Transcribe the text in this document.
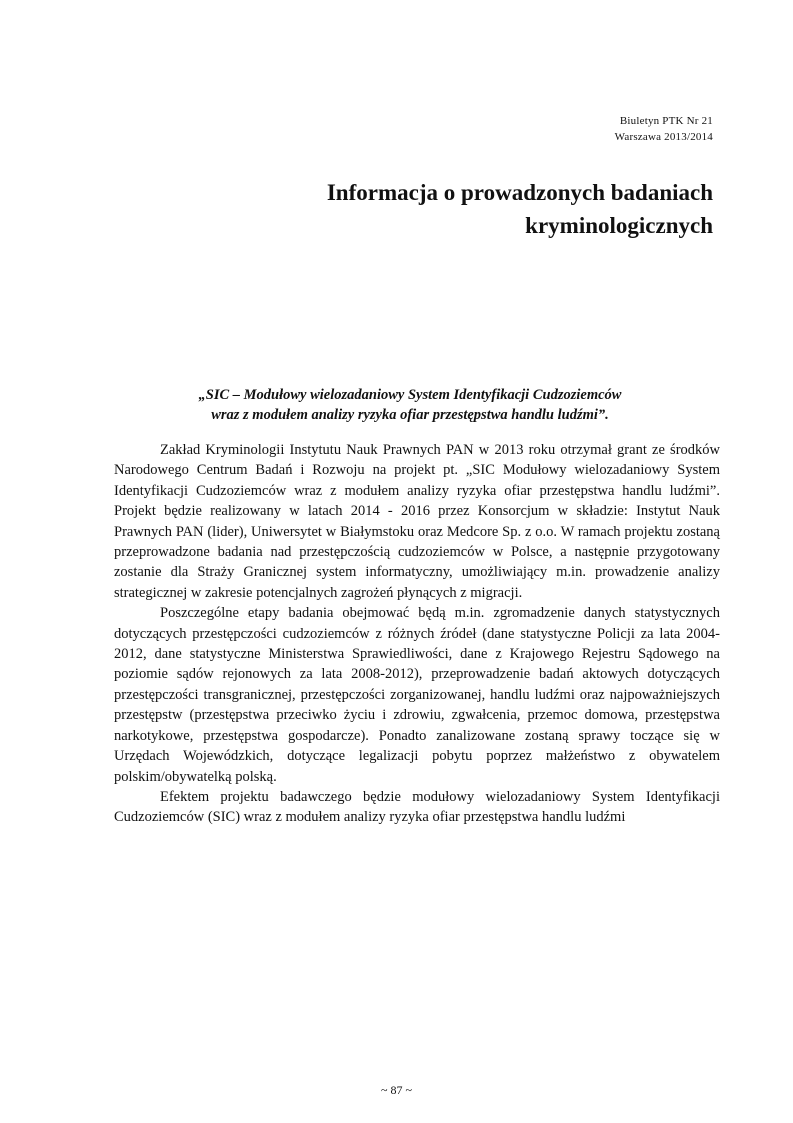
Biuletyn PTK Nr 21
Warszawa 2013/2014
Informacja o prowadzonych badaniach
kryminologicznych
„SIC – Modułowy wielozadaniowy System Identyfikacji Cudzoziemców
wraz z modułem analizy ryzyka ofiar przestępstwa handlu ludźmi”.

Zakład Kryminologii Instytutu Nauk Prawnych PAN w 2013 roku otrzymał grant ze środków Narodowego Centrum Badań i Rozwoju na projekt pt. „SIC Modułowy wielozadaniowy System Identyfikacji Cudzoziemców wraz z modułem analizy ryzyka ofiar przestępstwa handlu ludźmi”. Projekt będzie realizowany w latach 2014 - 2016 przez Konsorcjum w składzie: Instytut Nauk Prawnych PAN (lider), Uniwersytet w Białymstoku oraz Medcore Sp. z o.o. W ramach projektu zostaną przeprowadzone badania nad przestępczością cudzoziemców w Polsce, a następnie przygotowany zostanie dla Straży Granicznej system informatyczny, umożliwiający m.in. prowadzenie analizy strategicznej w zakresie potencjalnych zagrożeń płynących z migracji.

Poszczególne etapy badania obejmować będą m.in. zgromadzenie danych statystycznych dotyczących przestępczości cudzoziemców z różnych źródeł (dane statystyczne Policji za lata 2004-2012, dane statystyczne Ministerstwa Sprawiedliwości, dane z Krajowego Rejestru Sądowego na poziomie sądów rejonowych za lata 2008-2012), przeprowadzenie badań aktowych dotyczących przestępczości transgranicznej, przestępczości zorganizowanej, handlu ludźmi oraz najpoważniejszych przestępstw (przestępstwa przeciwko życiu i zdrowiu, zgwałcenia, przemoc domowa, przestępstwa narkotykowe, przestępstwa gospodarcze). Ponadto zanalizowane zostaną sprawy toczące się w Urzędach Wojewódzkich, dotyczące legalizacji pobytu poprzez małżeństwo z obywatelem polskim/obywatelką polską.

Efektem projektu badawczego będzie modułowy wielozadaniowy System Identyfikacji Cudzoziemców (SIC) wraz z modułem analizy ryzyka ofiar przestępstwa handlu ludźmi

~ 87 ~
